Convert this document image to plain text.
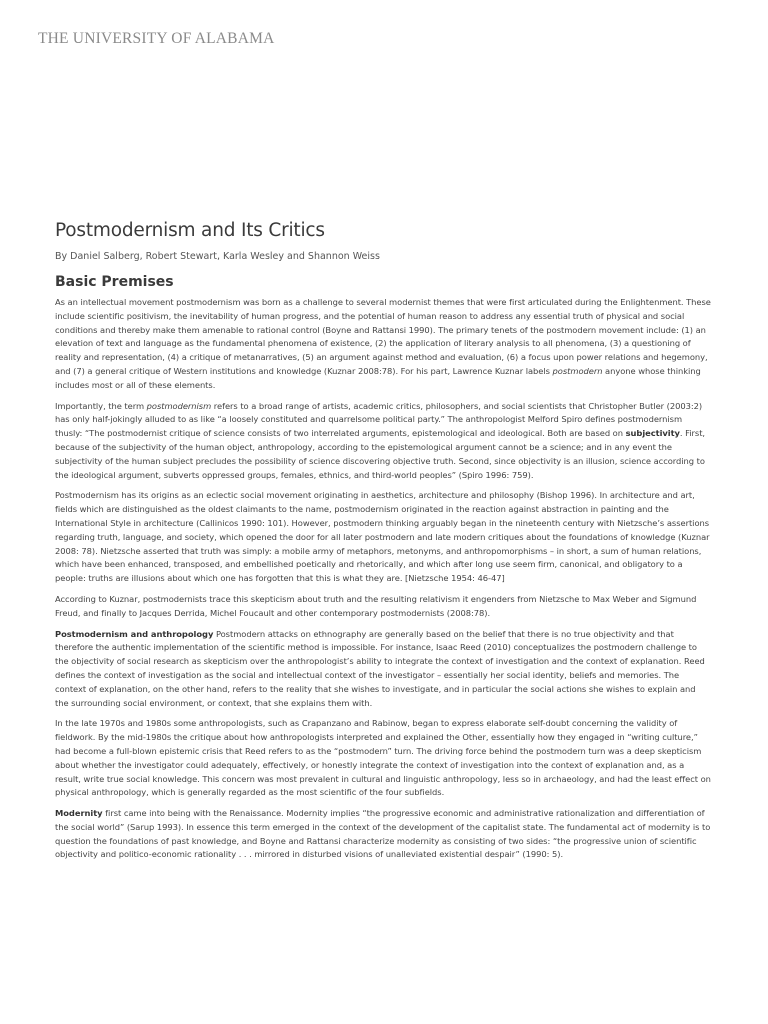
THE UNIVERSITY OF ALABAMA
Postmodernism and Its Critics

By Daniel Salberg, Robert Stewart, Karla Wesley and Shannon Weiss

Basic Premises

As an intellectual movement postmodernism was born as a challenge to several modernist themes that were first articulated during the Enlightenment. These include scientific positivism, the inevitability of human progress, and the potential of human reason to address any essential truth of physical and social conditions and thereby make them amenable to rational control (Boyne and Rattansi 1990). The primary tenets of the postmodern movement include: (1) an elevation of text and language as the fundamental phenomena of existence, (2) the application of literary analysis to all phenomena, (3) a questioning of reality and representation, (4) a critique of metanarratives, (5) an argument against method and evaluation, (6) a focus upon power relations and hegemony, and (7) a general critique of Western institutions and knowledge (Kuznar 2008:78). For his part, Lawrence Kuznar labels postmodern anyone whose thinking includes most or all of these elements.

Importantly, the term postmodernism refers to a broad range of artists, academic critics, philosophers, and social scientists that Christopher Butler (2003:2) has only half-jokingly alluded to as like “a loosely constituted and quarrelsome political party.” The anthropologist Melford Spiro defines postmodernism thusly: “The postmodernist critique of science consists of two interrelated arguments, epistemological and ideological. Both are based on subjectivity. First, because of the subjectivity of the human object, anthropology, according to the epistemological argument cannot be a science; and in any event the subjectivity of the human subject precludes the possibility of science discovering objective truth. Second, since objectivity is an illusion, science according to the ideological argument, subverts oppressed groups, females, ethnics, and third-world peoples” (Spiro 1996: 759).

Postmodernism has its origins as an eclectic social movement originating in aesthetics, architecture and philosophy (Bishop 1996). In architecture and art, fields which are distinguished as the oldest claimants to the name, postmodernism originated in the reaction against abstraction in painting and the International Style in architecture (Callinicos 1990: 101). However, postmodern thinking arguably began in the nineteenth century with Nietzsche’s assertions regarding truth, language, and society, which opened the door for all later postmodern and late modern critiques about the foundations of knowledge (Kuznar 2008: 78). Nietzsche asserted that truth was simply: a mobile army of metaphors, metonyms, and anthropomorphisms – in short, a sum of human relations, which have been enhanced, transposed, and embellished poetically and rhetorically, and which after long use seem firm, canonical, and obligatory to a people: truths are illusions about which one has forgotten that this is what they are. [Nietzsche 1954: 46-47]

According to Kuznar, postmodernists trace this skepticism about truth and the resulting relativism it engenders from Nietzsche to Max Weber and Sigmund Freud, and finally to Jacques Derrida, Michel Foucault and other contemporary postmodernists (2008:78).

Postmodernism and anthropology Postmodern attacks on ethnography are generally based on the belief that there is no true objectivity and that therefore the authentic implementation of the scientific method is impossible. For instance, Isaac Reed (2010) conceptualizes the postmodern challenge to the objectivity of social research as skepticism over the anthropologist’s ability to integrate the context of investigation and the context of explanation. Reed defines the context of investigation as the social and intellectual context of the investigator – essentially her social identity, beliefs and memories. The context of explanation, on the other hand, refers to the reality that she wishes to investigate, and in particular the social actions she wishes to explain and the surrounding social environment, or context, that she explains them with.

In the late 1970s and 1980s some anthropologists, such as Crapanzano and Rabinow, began to express elaborate self-doubt concerning the validity of fieldwork. By the mid-1980s the critique about how anthropologists interpreted and explained the Other, essentially how they engaged in “writing culture,” had become a full-blown epistemic crisis that Reed refers to as the “postmodern” turn. The driving force behind the postmodern turn was a deep skepticism about whether the investigator could adequately, effectively, or honestly integrate the context of investigation into the context of explanation and, as a result, write true social knowledge. This concern was most prevalent in cultural and linguistic anthropology, less so in archaeology, and had the least effect on physical anthropology, which is generally regarded as the most scientific of the four subfields.

Modernity first came into being with the Renaissance. Modernity implies “the progressive economic and administrative rationalization and differentiation of the social world” (Sarup 1993). In essence this term emerged in the context of the development of the capitalist state. The fundamental act of modernity is to question the foundations of past knowledge, and Boyne and Rattansi characterize modernity as consisting of two sides: “the progressive union of scientific objectivity and politico-economic rationality . . . mirrored in disturbed visions of unalleviated existential despair” (1990: 5).
